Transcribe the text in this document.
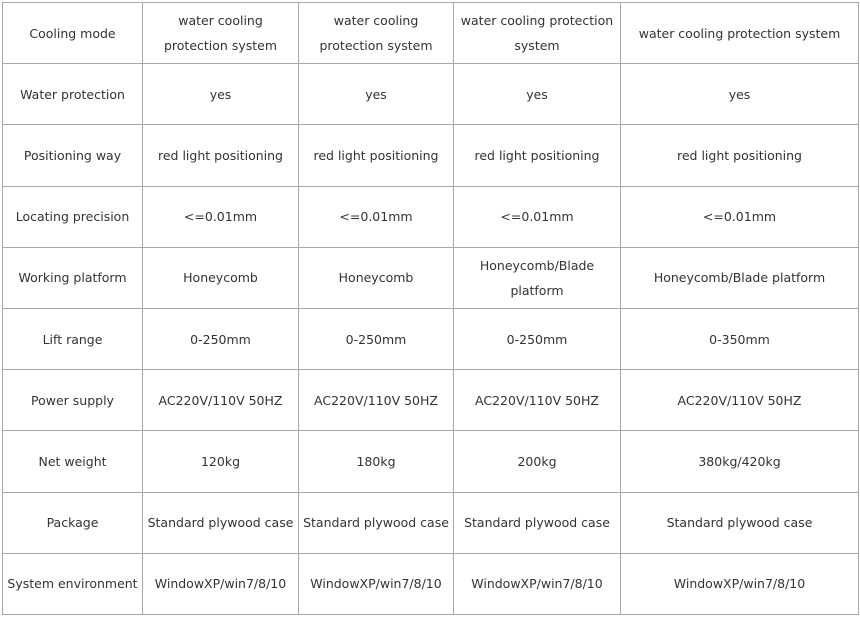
Cooling mode	water cooling protection system	water cooling protection system	water cooling protection system	water cooling protection system
Water protection	yes	yes	yes	yes
Positioning way	red light positioning	red light positioning	red light positioning	red light positioning
Locating precision	<=0.01mm	<=0.01mm	<=0.01mm	<=0.01mm
Working platform	Honeycomb	Honeycomb	Honeycomb/Blade platform	Honeycomb/Blade platform
Lift range	0-250mm	0-250mm	0-250mm	0-350mm
Power supply	AC220V/110V 50HZ	AC220V/110V 50HZ	AC220V/110V 50HZ	AC220V/110V 50HZ
Net weight	120kg	180kg	200kg	380kg/420kg
Package	Standard plywood case	Standard plywood case	Standard plywood case	Standard plywood case
System environment	WindowXP/win7/8/10	WindowXP/win7/8/10	WindowXP/win7/8/10	WindowXP/win7/8/10
